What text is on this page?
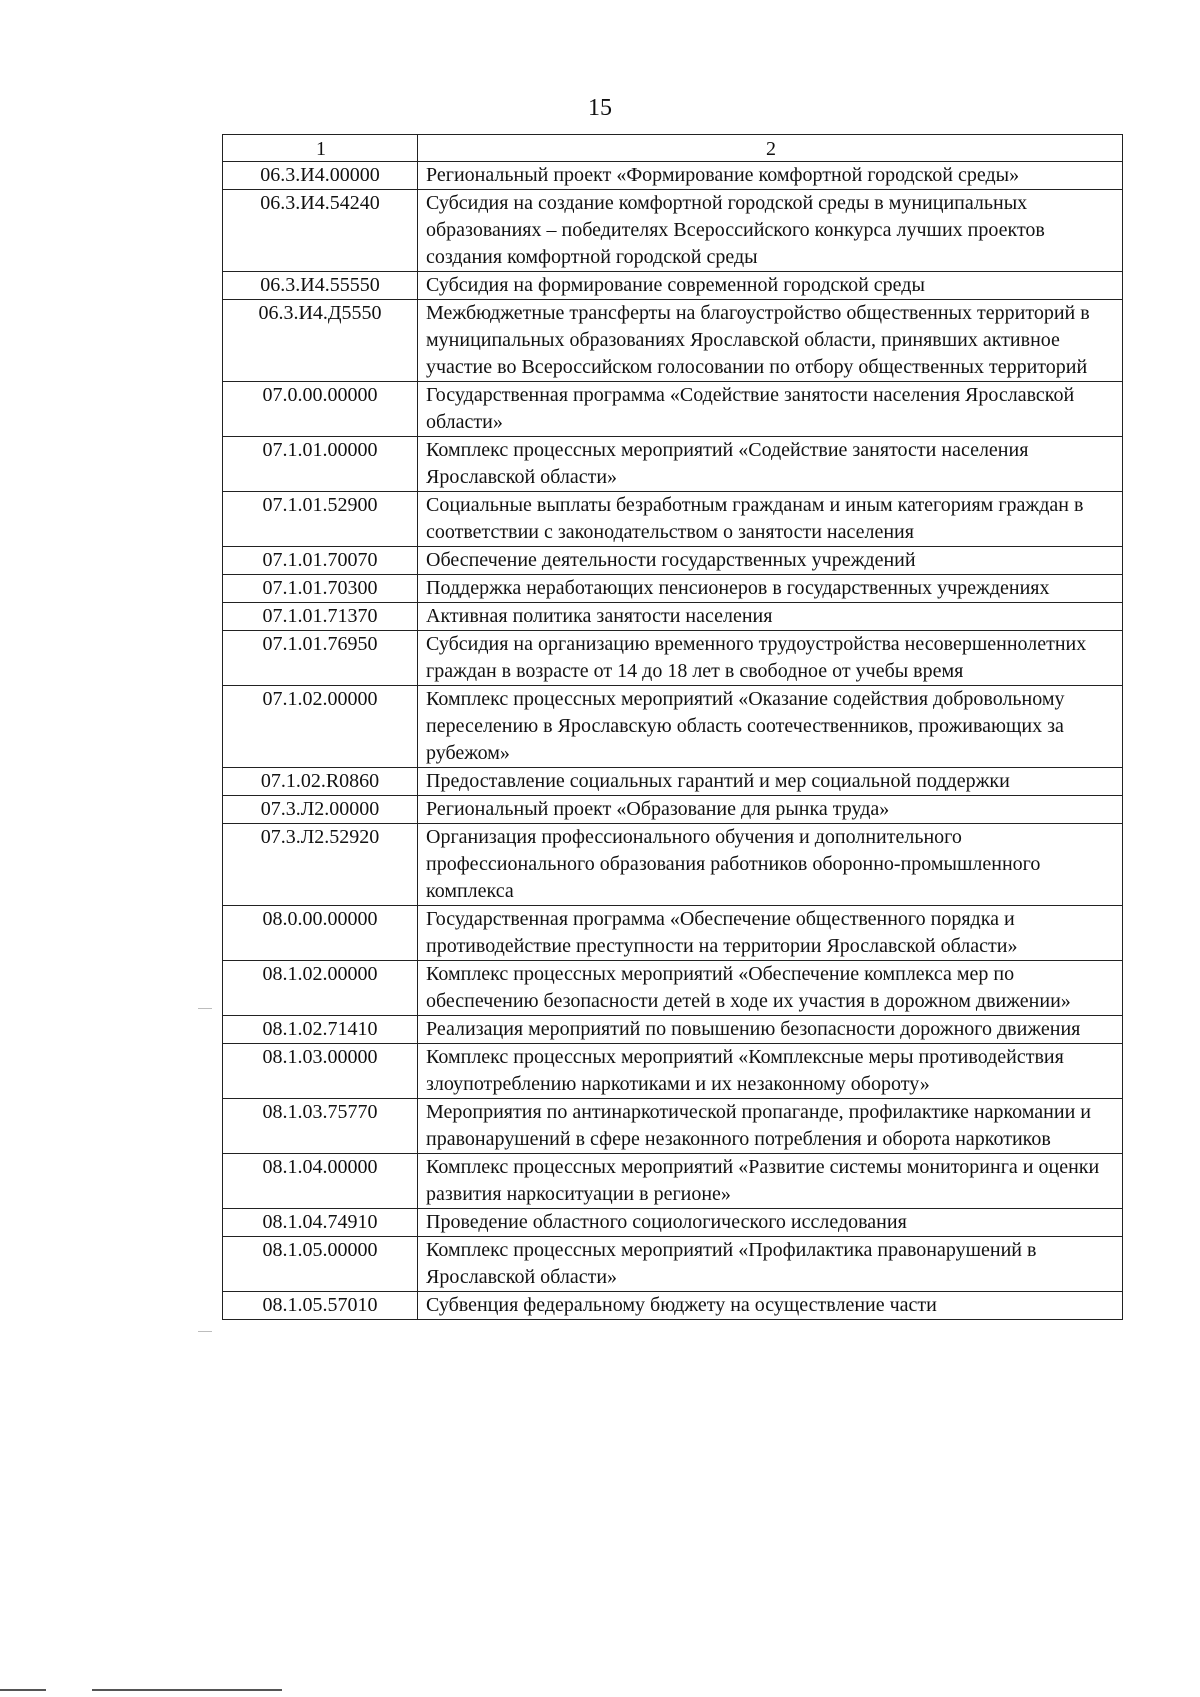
15
1	2
06.3.И4.00000	Региональный проект «Формирование комфортной городской среды»
06.3.И4.54240	Субсидия на создание комфортной городской среды в муниципальных образованиях – победителях Всероссийского конкурса лучших проектов создания комфортной городской среды
06.3.И4.55550	Субсидия на формирование современной городской среды
06.3.И4.Д5550	Межбюджетные трансферты на благоустройство общественных территорий в муниципальных образованиях Ярославской области, принявших активное участие во Всероссийском голосовании по отбору общественных территорий
07.0.00.00000	Государственная программа «Содействие занятости населения Ярославской области»
07.1.01.00000	Комплекс процессных мероприятий «Содействие занятости населения Ярославской области»
07.1.01.52900	Социальные выплаты безработным гражданам и иным категориям граждан в соответствии с законодательством о занятости населения
07.1.01.70070	Обеспечение деятельности государственных учреждений
07.1.01.70300	Поддержка неработающих пенсионеров в государственных учреждениях
07.1.01.71370	Активная политика занятости населения
07.1.01.76950	Субсидия на организацию временного трудоустройства несовершеннолетних граждан в возрасте от 14 до 18 лет в свободное от учебы время
07.1.02.00000	Комплекс процессных мероприятий «Оказание содействия добровольному переселению в Ярославскую область соотечественников, проживающих за рубежом»
07.1.02.R0860	Предоставление социальных гарантий и мер социальной поддержки
07.3.Л2.00000	Региональный проект «Образование для рынка труда»
07.3.Л2.52920	Организация профессионального обучения и дополнительного профессионального образования работников оборонно-промышленного комплекса
08.0.00.00000	Государственная программа «Обеспечение общественного порядка и противодействие преступности на территории Ярославской области»
08.1.02.00000	Комплекс процессных мероприятий «Обеспечение комплекса мер по обеспечению безопасности детей в ходе их участия в дорожном движении»
08.1.02.71410	Реализация мероприятий по повышению безопасности дорожного движения
08.1.03.00000	Комплекс процессных мероприятий «Комплексные меры противодействия злоупотреблению наркотиками и их незаконному обороту»
08.1.03.75770	Мероприятия по антинаркотической пропаганде, профилактике наркомании и правонарушений в сфере незаконного потребления и оборота наркотиков
08.1.04.00000	Комплекс процессных мероприятий «Развитие системы мониторинга и оценки развития наркоситуации в регионе»
08.1.04.74910	Проведение областного социологического исследования
08.1.05.00000	Комплекс процессных мероприятий «Профилактика правонарушений в Ярославской области»
08.1.05.57010	Субвенция федеральному бюджету на осуществление части
